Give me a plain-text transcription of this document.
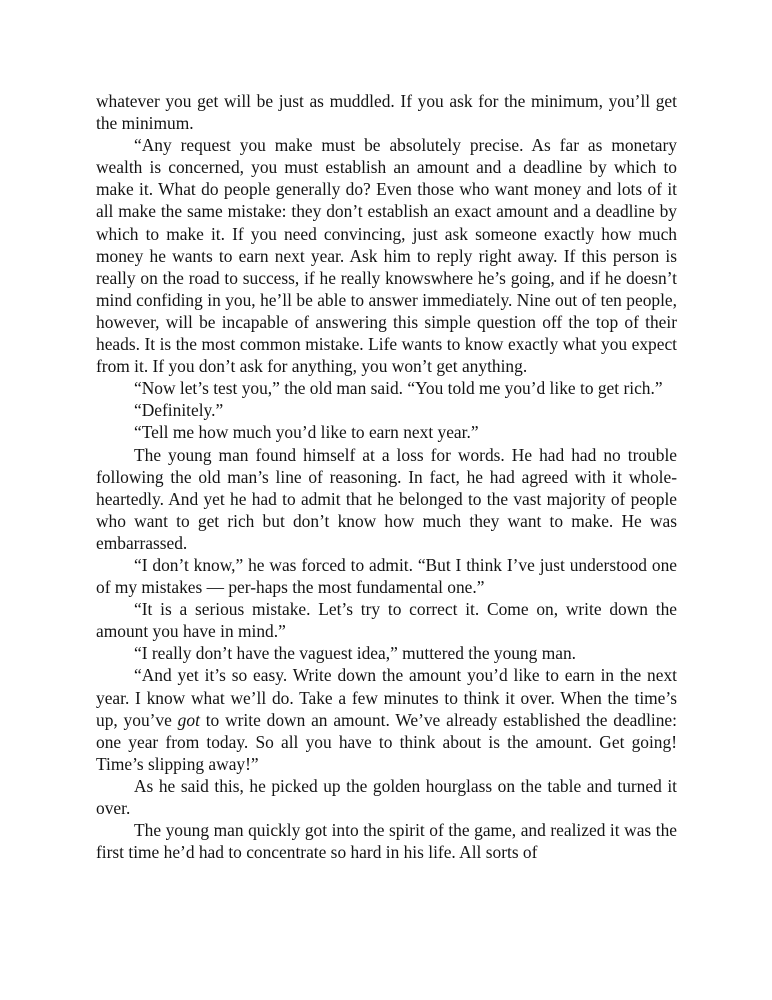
whatever you get will be just as muddled. If you ask for the minimum, you’ll get the minimum.

“Any request you make must be absolutely precise. As far as monetary wealth is concerned, you must establish an amount and a deadline by which to make it. What do people generally do? Even those who want money and lots of it all make the same mistake: they don’t establish an exact amount and a deadline by which to make it. If you need convincing, just ask someone exactly how much money he wants to earn next year. Ask him to reply right away. If this person is really on the road to success, if he really knowswhere he’s going, and if he doesn’t mind confiding in you, he’ll be able to answer immediately. Nine out of ten people, however, will be incapable of answering this simple question off the top of their heads. It is the most common mistake. Life wants to know exactly what you expect from it. If you don’t ask for anything, you won’t get anything.

“Now let’s test you,” the old man said. “You told me you’d like to get rich.”

“Definitely.”

“Tell me how much you’d like to earn next year.”

The young man found himself at a loss for words. He had had no trouble following the old man’s line of reasoning. In fact, he had agreed with it whole-heartedly. And yet he had to admit that he belonged to the vast majority of people who want to get rich but don’t know how much they want to make. He was embarrassed.

“I don’t know,” he was forced to admit. “But I think I’ve just understood one of my mistakes — per-haps the most fundamental one.”

“It is a serious mistake. Let’s try to correct it. Come on, write down the amount you have in mind.”

“I really don’t have the vaguest idea,” muttered the young man.

“And yet it’s so easy. Write down the amount you’d like to earn in the next year. I know what we’ll do. Take a few minutes to think it over. When the time’s up, you’ve got to write down an amount. We’ve already established the deadline: one year from today. So all you have to think about is the amount. Get going! Time’s slipping away!”

As he said this, he picked up the golden hourglass on the table and turned it over.

The young man quickly got into the spirit of the game, and realized it was the first time he’d had to concentrate so hard in his life. All sorts of
